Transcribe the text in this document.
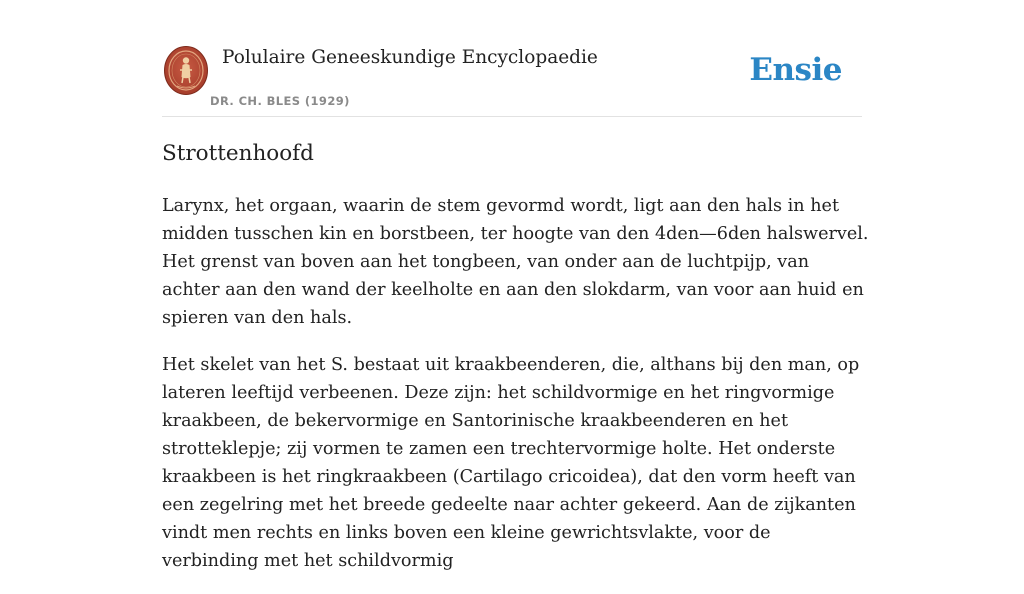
Polulaire Geneeskundige Encyclopaedie
DR. CH. BLES (1929)
Ensie
Strottenhoofd

Larynx, het orgaan, waarin de stem gevormd wordt, ligt aan den hals in het midden tusschen kin en borstbeen, ter hoogte van den 4den—6den halswervel. Het grenst van boven aan het tongbeen, van onder aan de luchtpijp, van achter aan den wand der keelholte en aan den slokdarm, van voor aan huid en spieren van den hals.

Het skelet van het S. bestaat uit kraakbeenderen, die, althans bij den man, op lateren leeftijd verbeenen. Deze zijn: het schildvormige en het ringvormige kraakbeen, de bekervormige en Santorinische kraakbeenderen en het strotteklepje; zij vormen te zamen een trechtervormige holte. Het onderste kraakbeen is het ringkraakbeen (Cartilago cricoidea), dat den vorm heeft van een zegelring met het breede gedeelte naar achter gekeerd. Aan de zijkanten vindt men rechts en links boven een kleine gewrichtsvlakte, voor de verbinding met het schildvormig
